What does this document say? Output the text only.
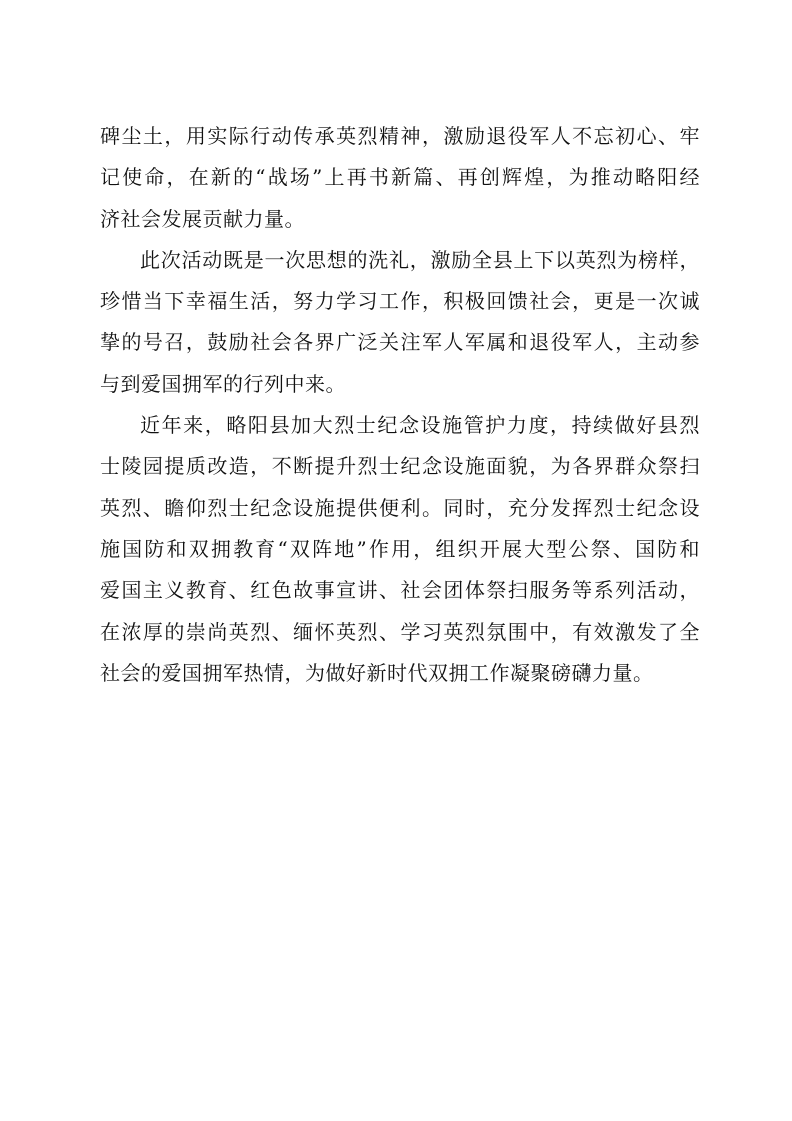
碑尘土，用实际行动传承英烈精神，激励退役军人不忘初心、牢
记使命，在新的“战场”上再书新篇、再创辉煌，为推动略阳经
济社会发展贡献力量。
此次活动既是一次思想的洗礼，激励全县上下以英烈为榜样，
珍惜当下幸福生活，努力学习工作，积极回馈社会，更是一次诚
挚的号召，鼓励社会各界广泛关注军人军属和退役军人，主动参
与到爱国拥军的行列中来。
近年来，略阳县加大烈士纪念设施管护力度，持续做好县烈
士陵园提质改造，不断提升烈士纪念设施面貌，为各界群众祭扫
英烈、瞻仰烈士纪念设施提供便利。同时，充分发挥烈士纪念设
施国防和双拥教育“双阵地”作用，组织开展大型公祭、国防和
爱国主义教育、红色故事宣讲、社会团体祭扫服务等系列活动，
在浓厚的崇尚英烈、缅怀英烈、学习英烈氛围中，有效激发了全
社会的爱国拥军热情，为做好新时代双拥工作凝聚磅礴力量。
